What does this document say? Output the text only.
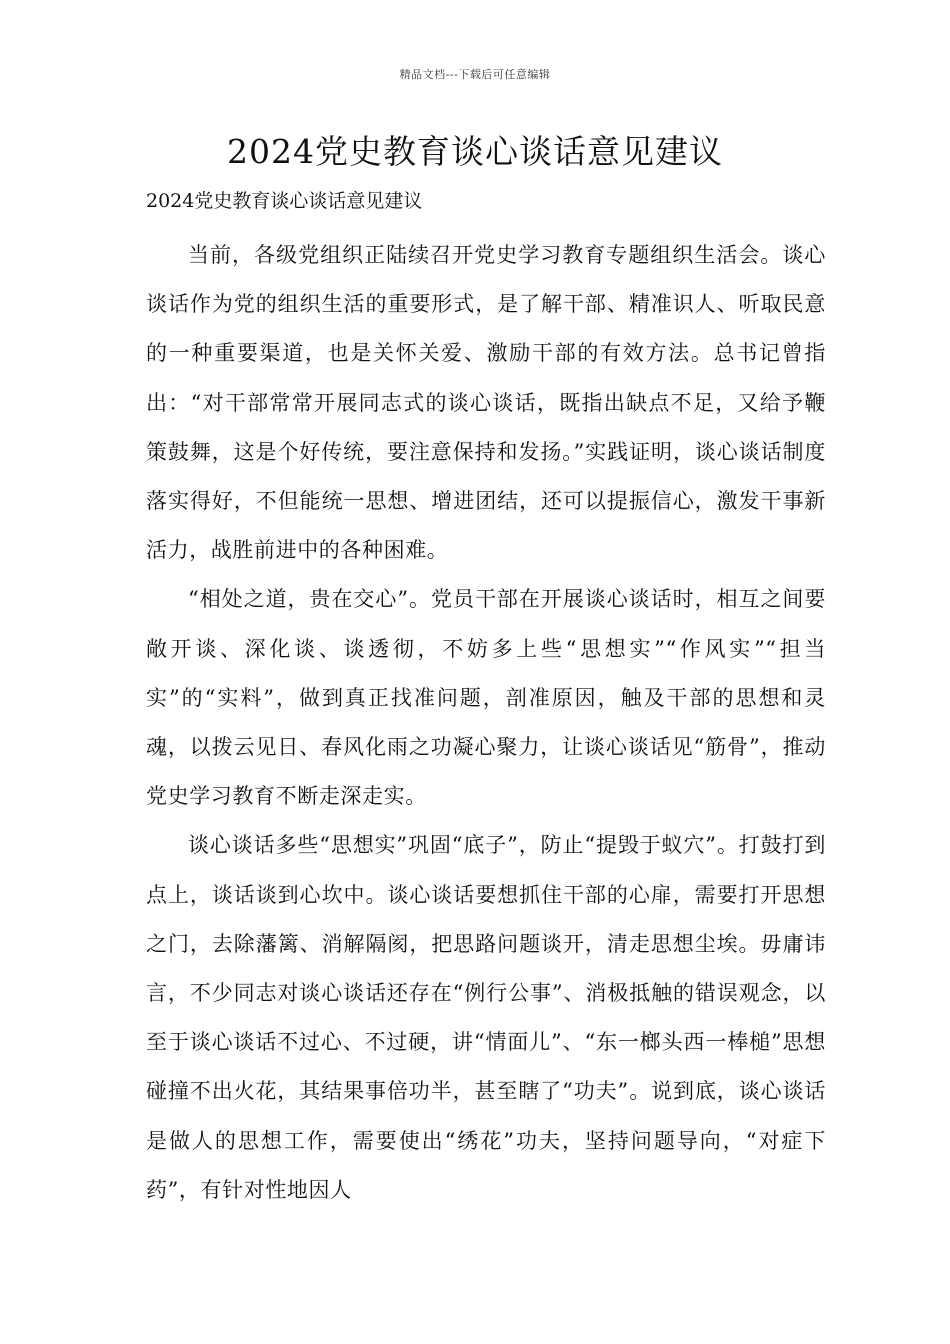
精品文档---下载后可任意编辑
2024党史教育谈心谈话意见建议
2024党史教育谈心谈话意见建议

当前，各级党组织正陆续召开党史学习教育专题组织生活会。谈心谈话作为党的组织生活的重要形式，是了解干部、精准识人、听取民意的一种重要渠道，也是关怀关爱、激励干部的有效方法。总书记曾指出：“对干部常常开展同志式的谈心谈话，既指出缺点不足，又给予鞭策鼓舞，这是个好传统，要注意保持和发扬。”实践证明，谈心谈话制度落实得好，不但能统一思想、增进团结，还可以提振信心，激发干事新活力，战胜前进中的各种困难。

“相处之道，贵在交心”。党员干部在开展谈心谈话时，相互之间要敞开谈、深化谈、谈透彻，不妨多上些“思想实”“作风实”“担当实”的“实料”，做到真正找准问题，剖准原因，触及干部的思想和灵魂，以拨云见日、春风化雨之功凝心聚力，让谈心谈话见“筋骨”，推动党史学习教育不断走深走实。

谈心谈话多些“思想实”巩固“底子”，防止“提毁于蚁穴”。打鼓打到点上，谈话谈到心坎中。谈心谈话要想抓住干部的心扉，需要打开思想之门，去除藩篱、消解隔阂，把思路问题谈开，清走思想尘埃。毋庸讳言，不少同志对谈心谈话还存在“例行公事”、消极抵触的错误观念，以至于谈心谈话不过心、不过硬，讲“情面儿”、“东一榔头西一棒槌”思想碰撞不出火花，其结果事倍功半，甚至瞎了“功夫”。说到底，谈心谈话是做人的思想工作，需要使出“绣花”功夫，坚持问题导向，“对症下药”，有针对性地因人
